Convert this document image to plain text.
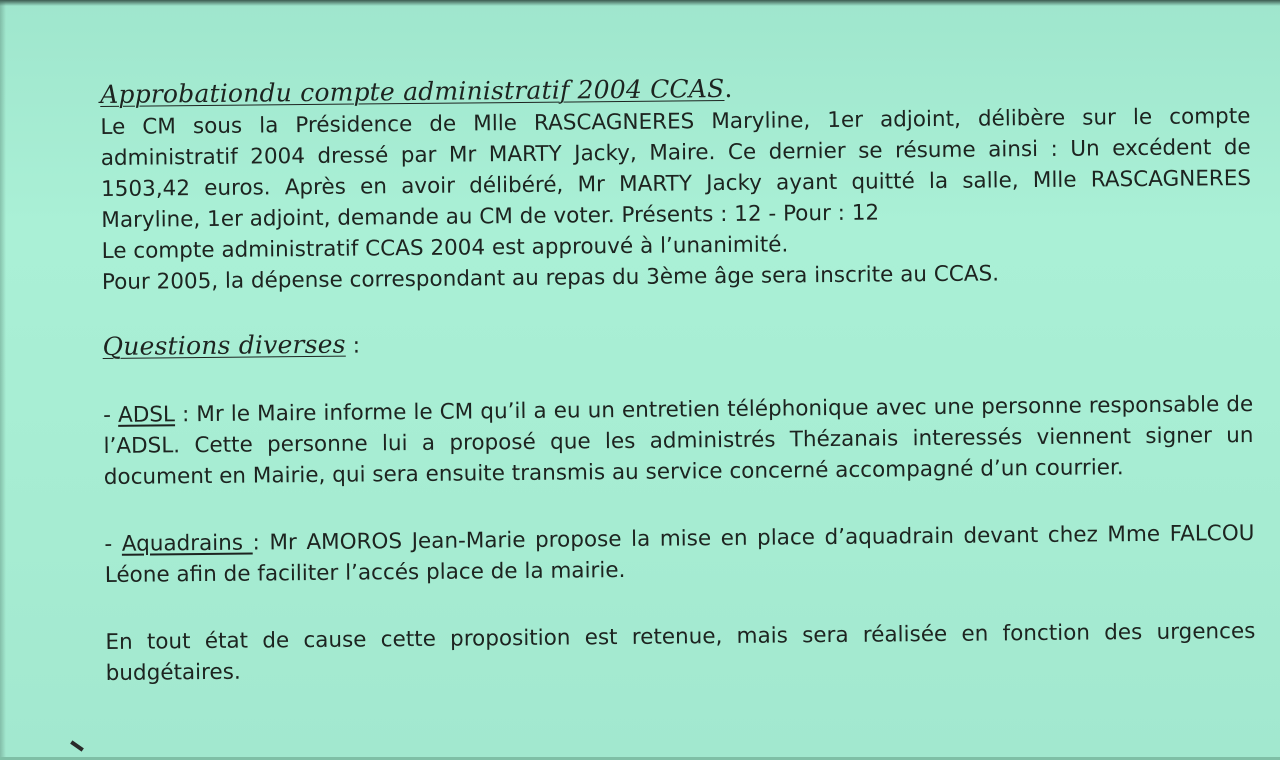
Approbationdu compte administratif 2004 CCAS.

Le CM sous la Présidence de Mlle RASCAGNERES Maryline, 1er adjoint, délibère sur le compte administratif 2004 dressé par Mr MARTY Jacky, Maire. Ce dernier se résume ainsi : Un excédent de 1503,42 euros. Après en avoir délibéré, Mr MARTY Jacky ayant quitté la salle, Mlle RASCAGNERES Maryline, 1er adjoint, demande au CM de voter. Présents : 12 - Pour : 12

Le compte administratif CCAS 2004 est approuvé à l’unanimité.

Pour 2005, la dépense correspondant au repas du 3ème âge sera inscrite au CCAS.

Questions diverses :

- ADSL : Mr le Maire informe le CM qu’il a eu un entretien téléphonique avec une personne responsable de l’ADSL. Cette personne lui a proposé que les administrés Thézanais interessés viennent signer un document en Mairie, qui sera ensuite transmis au service concerné accompagné d’un courrier.

- Aquadrains : Mr AMOROS Jean-Marie propose la mise en place d’aquadrain devant chez Mme FALCOU Léone afin de faciliter l’accés place de la mairie.

En tout état de cause cette proposition est retenue, mais sera réalisée en fonction des urgences budgétaires.
